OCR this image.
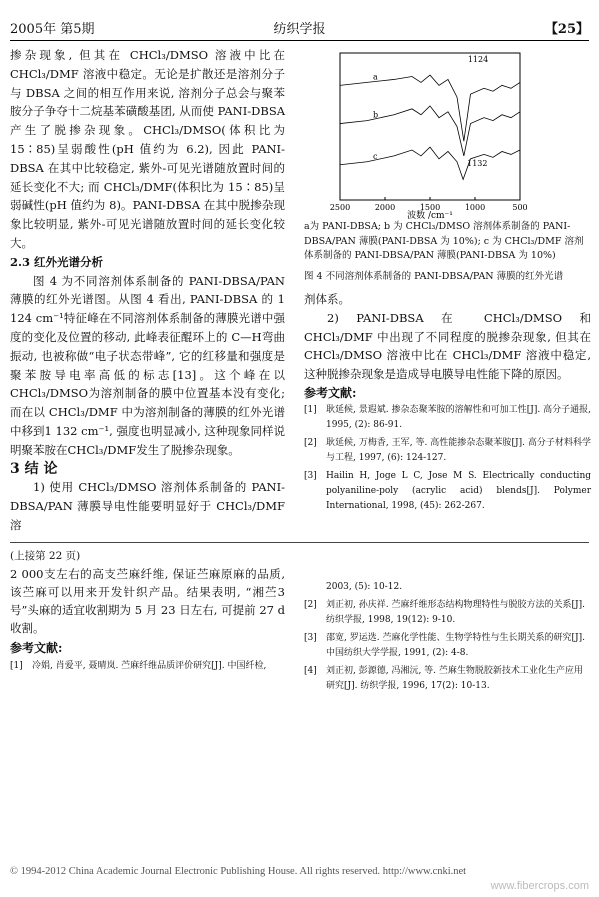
2005年 第5期	纺织学报	【25】

掺杂现象, 但其在 CHCl₃/DMSO 溶液中比在 CHCl₃/DMF 溶液中稳定。无论是扩散还是溶剂分子与 DBSA 之间的相互作用来说, 溶剂分子总会与聚苯胺分子争夺十二烷基苯磺酸基团, 从而使 PANI-DBSA 产生了脱掺杂现象。CHCl₃/DMSO(体积比为 15∶85)呈弱酸性(pH 值约为 6.2), 因此 PANI-DBSA 在其中比较稳定, 紫外-可见光谱随放置时间的延长变化不大; 而 CHCl₃/DMF(体积比为 15∶85)呈弱碱性(pH 值约为 8)。PANI-DBSA 在其中脱掺杂现象比较明显, 紫外-可见光谱随放置时间的延长变化较大。

2.3 红外光谱分析

图 4 为不同溶剂体系制备的 PANI-DBSA/PAN 薄膜的红外光谱图。从图 4 看出, PANI-DBSA 的 1 124 cm⁻¹特征峰在不同溶剂体系制备的薄膜光谱中强度的变化及位置的移动, 此峰表征醌环上的 C—H弯曲振动, 也被称做“电子状态带峰”, 它的红移量和强度是聚苯胺导电率高低的标志[13]。这个峰在以CHCl₃/DMSO为溶剂制备的膜中位置基本没有变化; 而在以 CHCl₃/DMF 中为溶剂制备的薄膜的红外光谱中移到1 132 cm⁻¹, 强度也明显减小, 这种现象同样说明聚苯胺在CHCl₃/DMF发生了脱掺杂现象。

3 结 论

1) 使用 CHCl₃/DMSO 溶剂体系制备的 PANI-DBSA/PAN 薄膜导电性能要明显好于 CHCl₃/DMF 溶

a
b
c
1124
1132
2500	2000	1500	1000	500
波数 /cm⁻¹
a为 PANI-DBSA; b 为 CHCl₃/DMSO 溶剂体系制备的 PANI-DBSA/PAN 薄膜(PANI-DBSA 为 10%); c 为 CHCl₃/DMF 溶剂体系制备的 PANI-DBSA/PAN 薄膜(PANI-DBSA 为 10%)
图 4 不同溶剂体系制备的 PANI-DBSA/PAN 薄膜的红外光谱

剂体系。

2) PANI-DBSA 在 CHCl₃/DMSO 和 CHCl₃/DMF 中出现了不同程度的脱掺杂现象, 但其在 CHCl₃/DMSO 溶液中比在 CHCl₃/DMF 溶液中稳定, 这种脱掺杂现象是造成导电膜导电性能下降的原因。

参考文献:

[1]	耿延候, 景遐斌. 掺杂态聚苯胺的溶解性和可加工性[J]. 高分子通报, 1995, (2): 86-91.
[2]	耿延候, 万梅香, 王军, 等. 高性能掺杂态聚苯胺[J]. 高分子材料科学与工程, 1997, (6): 124-127.
[3]	Hailin H, Joge L C, Jose M S. Electrically conducting polyaniline-poly (acrylic acid) blends[J]. Polymer International, 1998, (45): 262-267.

(上接第 22 页)

2 000支左右的高支苎麻纤维, 保证苎麻原麻的品质, 该苎麻可以用来开发针织产品。结果表明, “湘苎3号”头麻的适宜收割期为 5 月 23 日左右, 可提前 27 d 收割。

参考文献:

[1]	冷娟, 肖爱平, 聂晴岚. 苎麻纤维品质评价研究[J]. 中国纤检,
2003, (5): 10-12.
[2]	刘正初, 孙庆祥. 苎麻纤维形态结构物理特性与脱胶方法的关系[J]. 纺织学报, 1998, 19(12): 9-10.
[3]	邵宽, 罗运选. 苎麻化学性能、生物学特性与生长期关系的研究[J]. 中国纺织大学学报, 1991, (2): 4-8.
[4]	刘正初, 彭源德, 冯湘沅, 等. 苎麻生物脱胶新技术工业化生产应用研究[J]. 纺织学报, 1996, 17(2): 10-13.
© 1994-2012 China Academic Journal Electronic Publishing House. All rights reserved. http://www.cnki.net
www.fibercrops.com
